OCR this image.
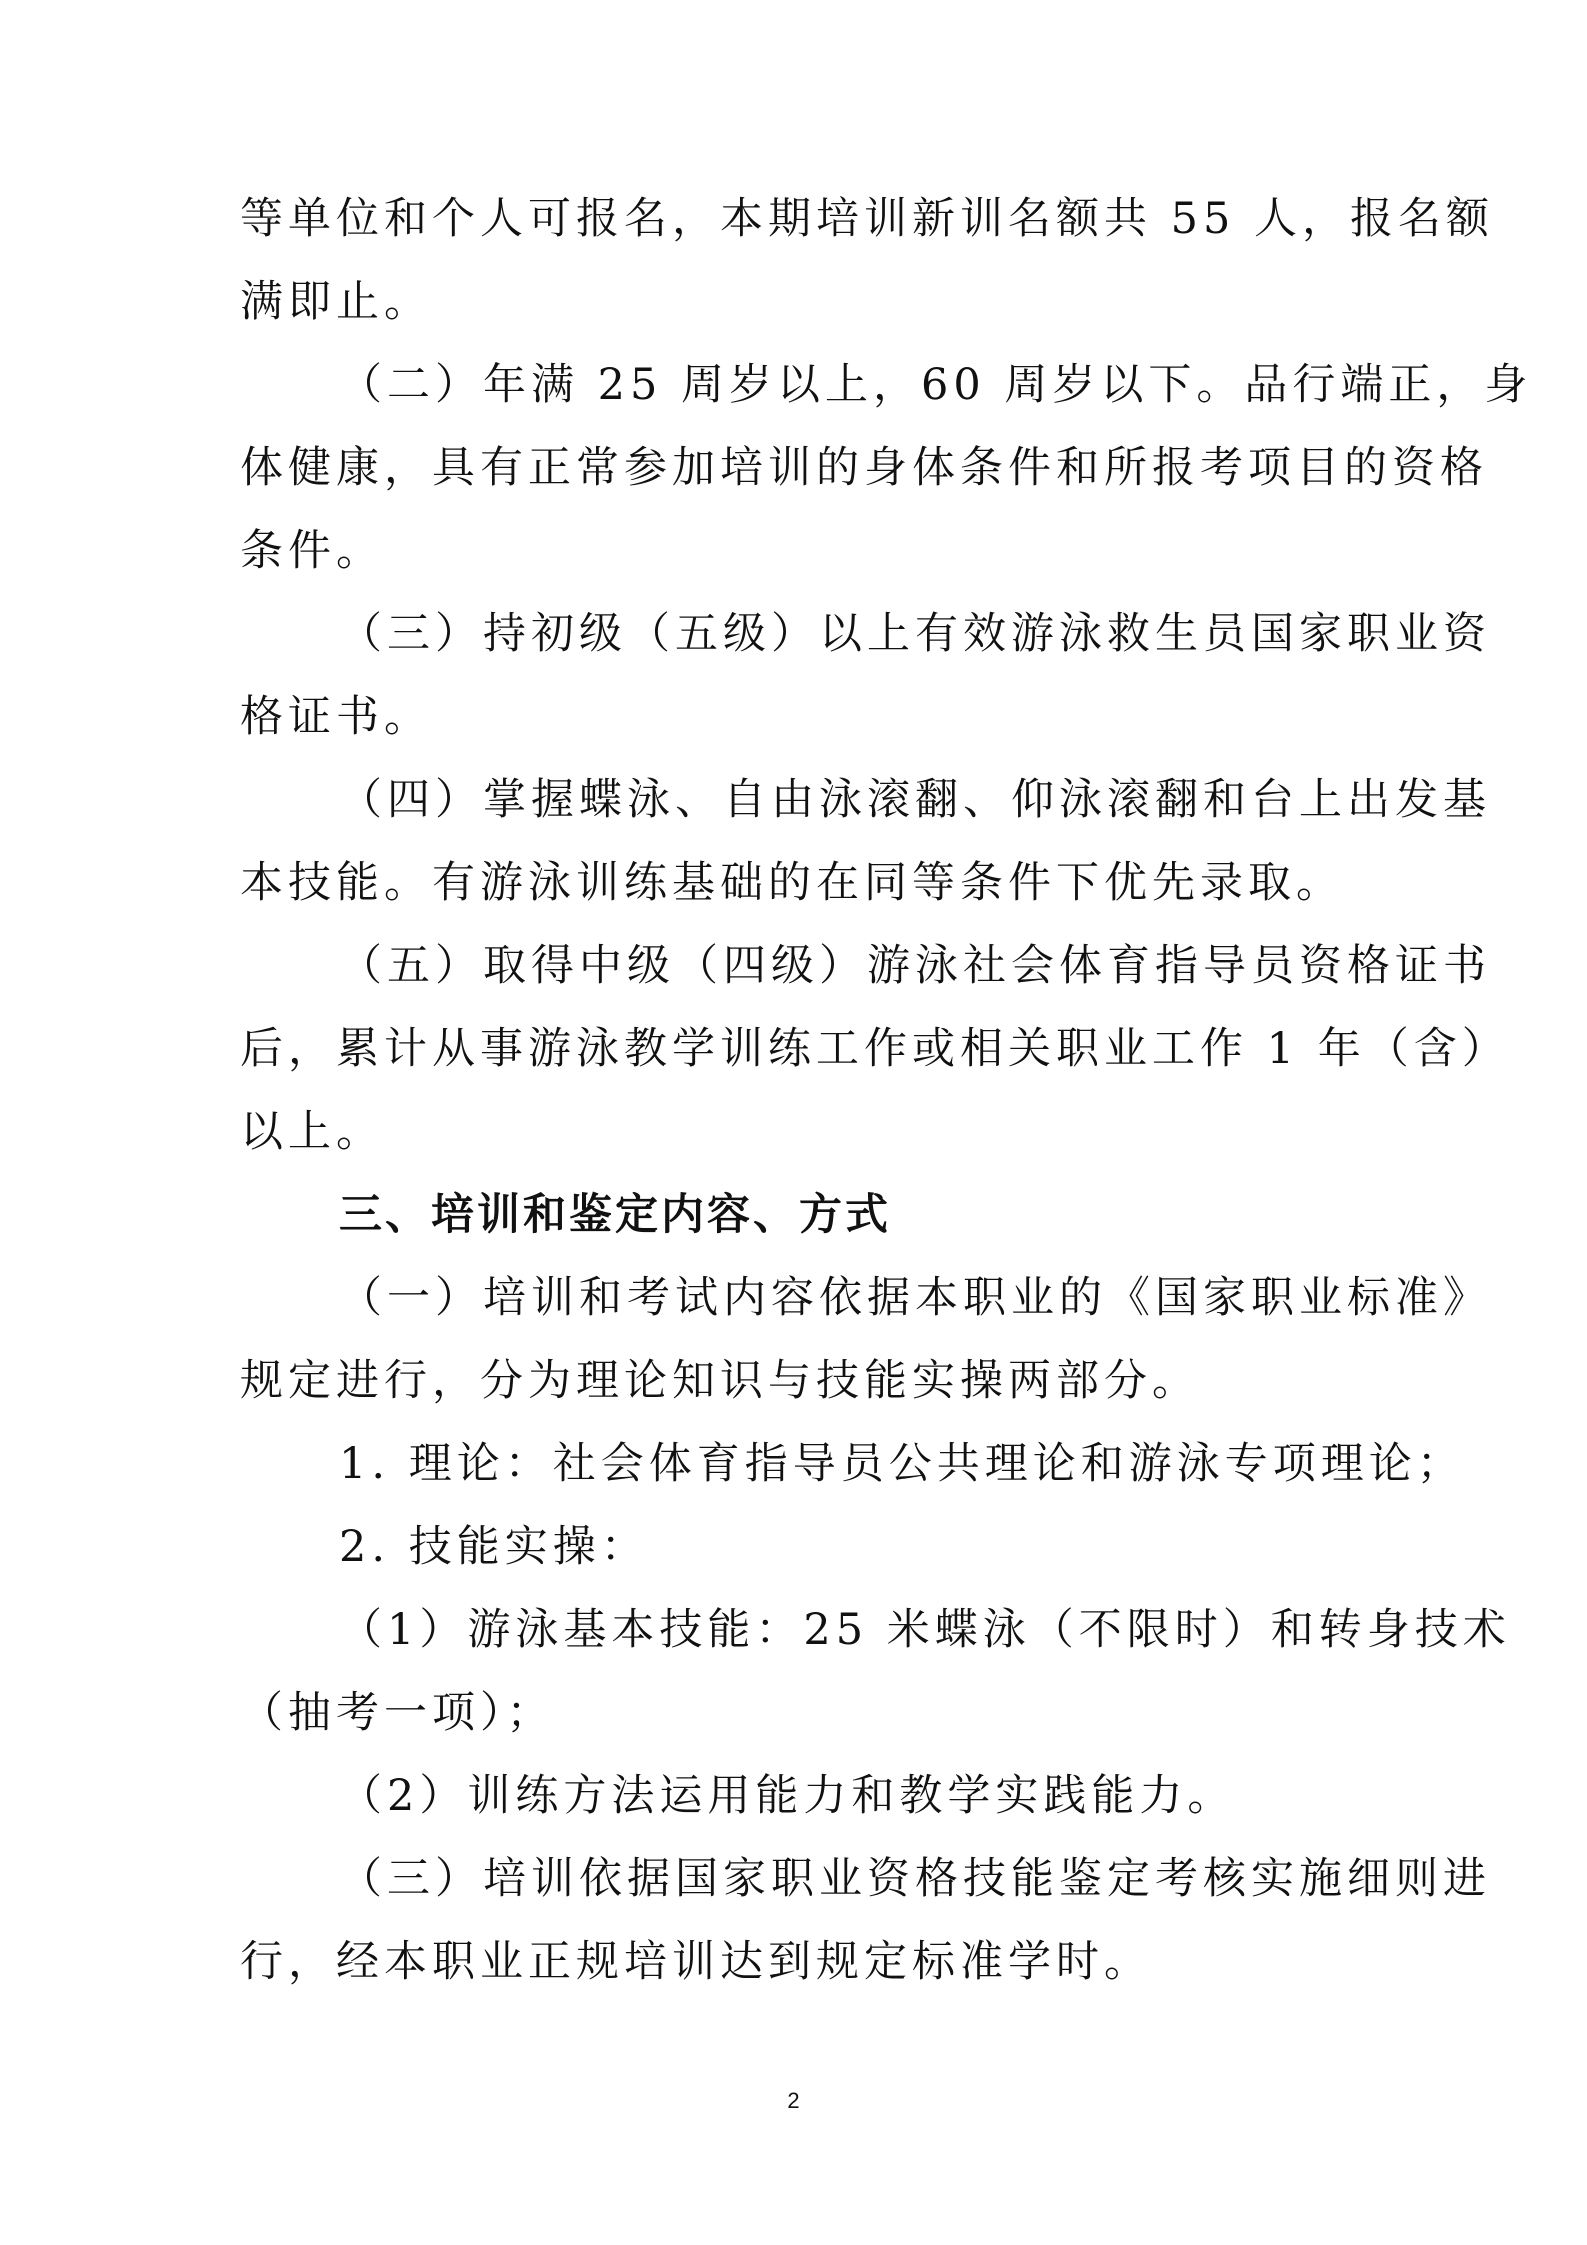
等单位和个人可报名，本期培训新训名额共 55 人，报名额
满即止。
（二）年满 25 周岁以上，60 周岁以下。品行端正，身
体健康，具有正常参加培训的身体条件和所报考项目的资格
条件。
（三）持初级（五级）以上有效游泳救生员国家职业资
格证书。
（四）掌握蝶泳、自由泳滚翻、仰泳滚翻和台上出发基
本技能。有游泳训练基础的在同等条件下优先录取。
（五）取得中级（四级）游泳社会体育指导员资格证书
后，累计从事游泳教学训练工作或相关职业工作 1 年（含）
以上。
三、培训和鉴定内容、方式
（一）培训和考试内容依据本职业的《国家职业标准》
规定进行，分为理论知识与技能实操两部分。
1. 理论：社会体育指导员公共理论和游泳专项理论；
2. 技能实操：
（1）游泳基本技能：25 米蝶泳（不限时）和转身技术
（抽考一项）；
（2）训练方法运用能力和教学实践能力。
（三）培训依据国家职业资格技能鉴定考核实施细则进
行，经本职业正规培训达到规定标准学时。
2
